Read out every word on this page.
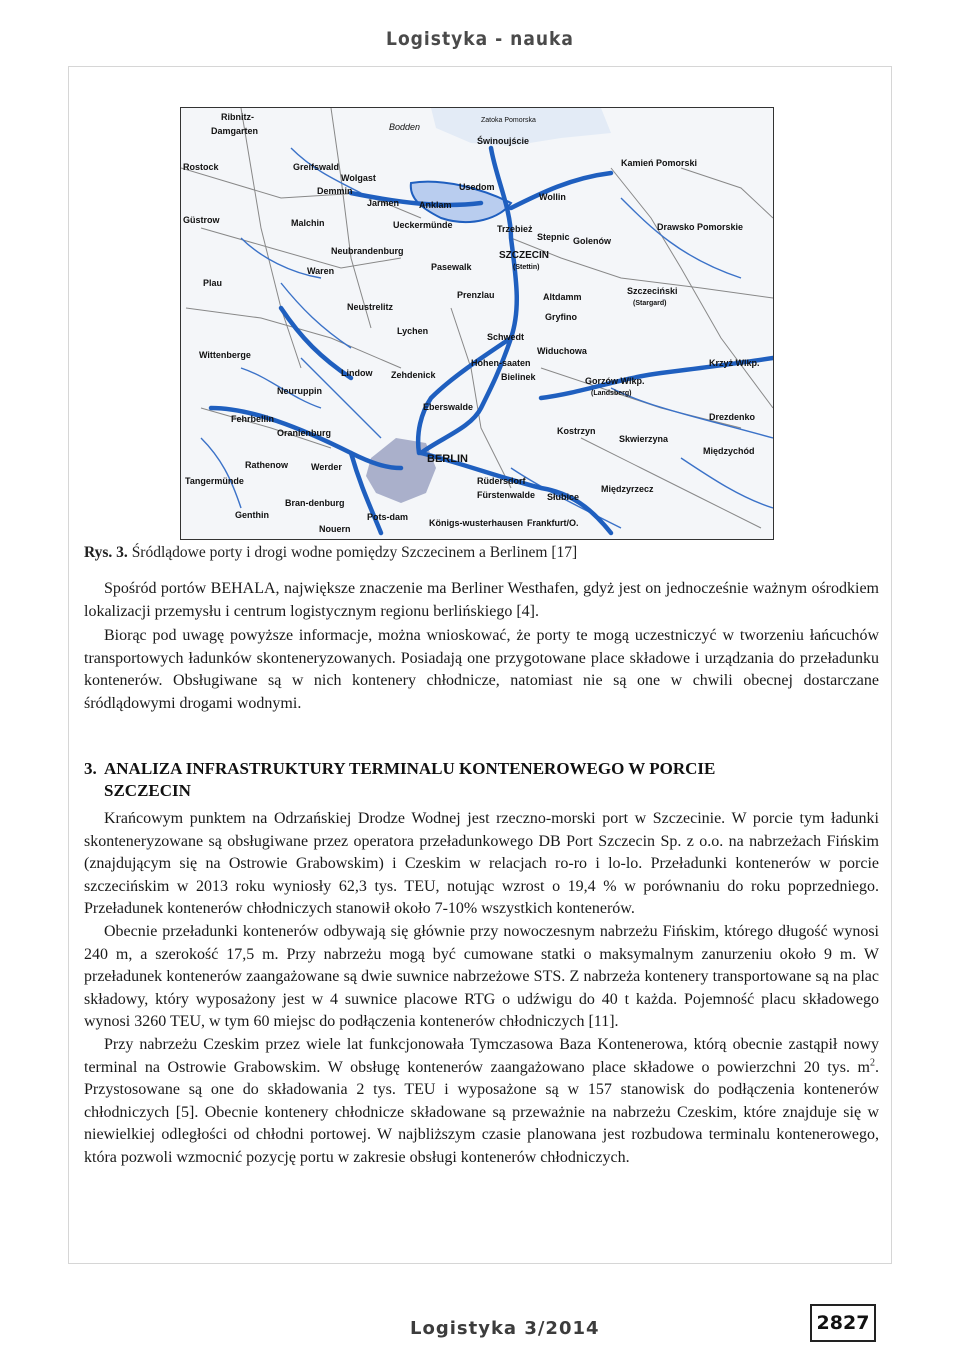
Logistyka - nauka
Ribnitz-
Damgarten
Rostock
Bodden
Greifswald
Zatoka Pomorska
Świnoujście
Kamień Pomorski
Wolgast
Demmin
Jarmen Anklam
Usedom
Wollin
Güstrow	Malchin	Ueckermünde	Trzebież
Stepnic Golenów
Neubrandenburg	SZCZECIN
(Stettin)
Drawsko Pomorskie
Waren	Pasewalk
Plau
Prenzlau	Altdamm
Szczeciński
(Stargard)
Neustrelitz
Gryfino
Schwedt
Lychen
Widuchowa
Wittenberge
Lindow Zehdenick
Hohen-saaten
Bielinek
Krzyż Wlkp.
Neuruppin
Eberswalde
Gorzów Wlkp.
(Landsberg)
Fehrbellin
Oranienburg
Drezdenko
BERLIN
Kostrzyn
Skwierzyna
Międzychód
Rathenow	Werder
Rüdersdorf
Fürstenwalde
Tangermünde
Słubice
Międzyrzecz
Bran-denburg
Pots-dam
Frankfurt/O.
Genthin
Nouern
Königs-wusterhausen
Rys. 3. Śródlądowe porty i drogi wodne pomiędzy Szczecinem a Berlinem [17]

Spośród portów BEHALA, największe znaczenie ma Berliner Westhafen, gdyż jest on jednocześnie ważnym ośrodkiem lokalizacji przemysłu i centrum logistycznym regionu berlińskiego [4].

Biorąc pod uwagę powyższe informacje, można wnioskować, że porty te mogą uczestniczyć w tworzeniu łańcuchów transportowych ładunków skonteneryzowanych. Posiadają one przygotowane place składowe i urządzania do przeładunku kontenerów. Obsługiwane są w nich kontenery chłodnicze, natomiast nie są one w chwili obecnej dostarczane śródlądowymi drogami wodnymi.

3. ANALIZA INFRASTRUKTURY TERMINALU KONTENEROWEGO W PORCIE
SZCZECIN

Krańcowym punktem na Odrzańskiej Drodze Wodnej jest rzeczno-morski port w Szczecinie. W porcie tym ładunki skonteneryzowane są obsługiwane przez operatora przeładunkowego DB Port Szczecin Sp. z o.o. na nabrzeżach Fińskim (znajdującym się na Ostrowie Grabowskim) i Czeskim w relacjach ro-ro i lo-lo. Przeładunki kontenerów w porcie szczecińskim w 2013 roku wyniosły 62,3 tys. TEU, notując wzrost o 19,4 % w porównaniu do roku poprzedniego. Przeładunek kontenerów chłodniczych stanowił około 7-10% wszystkich kontenerów.

Obecnie przeładunki kontenerów odbywają się głównie przy nowoczesnym nabrzeżu Fińskim, którego długość wynosi 240 m, a szerokość 17,5 m. Przy nabrzeżu mogą być cumowane statki o maksymalnym zanurzeniu około 9 m. W przeładunek kontenerów zaangażowane są dwie suwnice nabrzeżowe STS. Z nabrzeża kontenery transportowane są na plac składowy, który wyposażony jest w 4 suwnice placowe RTG o udźwigu do 40 t każda. Pojemność placu składowego wynosi 3260 TEU, w tym 60 miejsc do podłączenia kontenerów chłodniczych [11].

Przy nabrzeżu Czeskim przez wiele lat funkcjonowała Tymczasowa Baza Kontenerowa, którą obecnie zastąpił nowy terminal na Ostrowie Grabowskim. W obsługę kontenerów zaangażowano place składowe o powierzchni 20 tys. $m^2$. Przystosowane są one do składowania 2 tys. TEU i wyposażone są w 157 stanowisk do podłączenia kontenerów chłodniczych [5]. Obecnie kontenery chłodnicze składowane są przeważnie na nabrzeżu Czeskim, które znajduje się w niewielkiej odległości od chłodni portowej. W najbliższym czasie planowana jest rozbudowa terminalu kontenerowego, która pozwoli wzmocnić pozycję portu w zakresie obsługi kontenerów chłodniczych.

Logistyka 3/2014	2827
